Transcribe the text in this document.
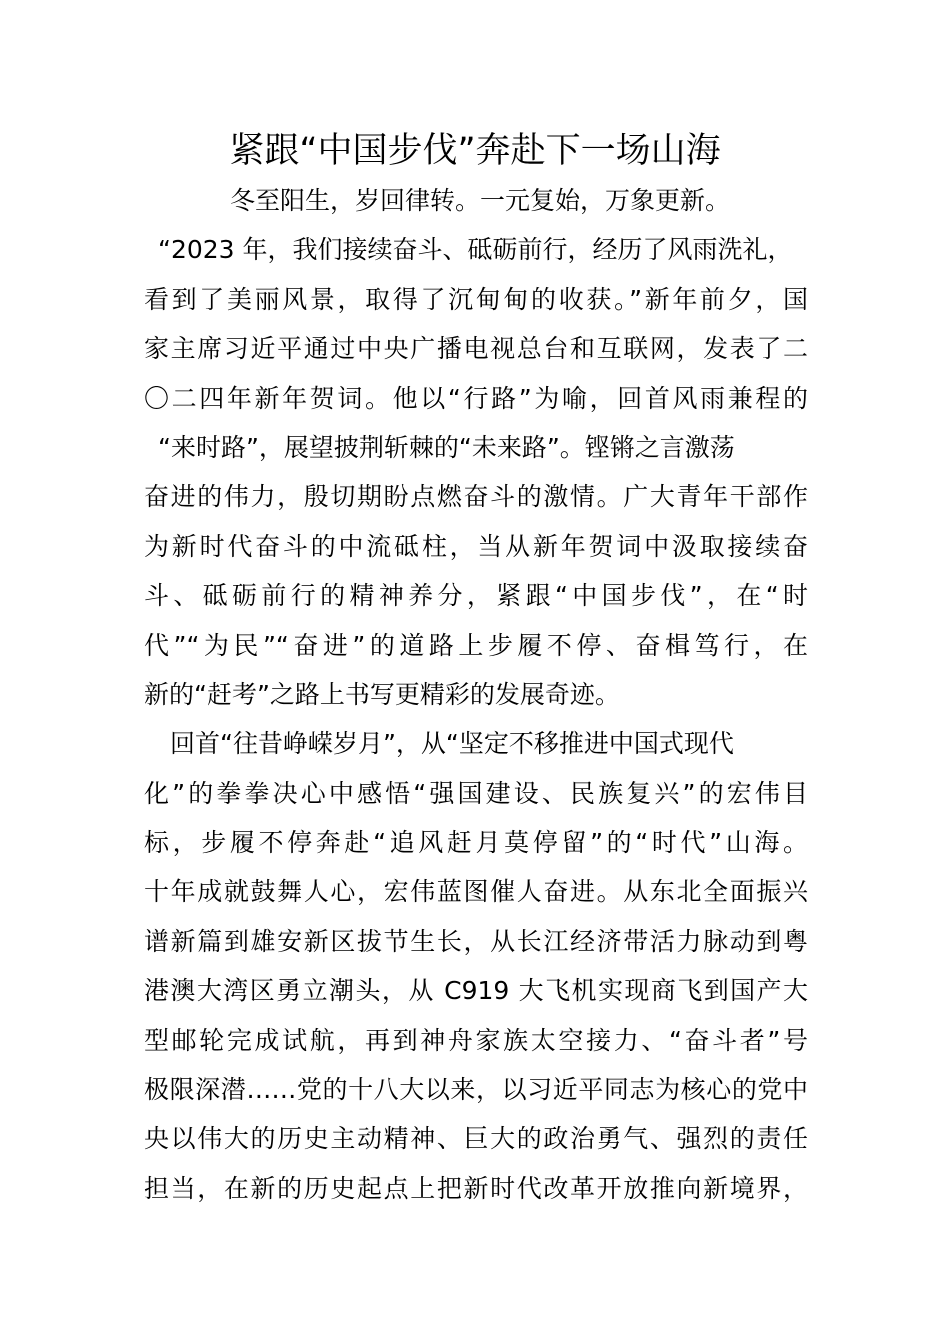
紧跟“中国步伐”奔赴下一场山海
冬至阳生，岁回律转。一元复始，万象更新。
“2023 年，我们接续奋斗、砥砺前行，经历了风雨洗礼，
看到了美丽风景，取得了沉甸甸的收获。”新年前夕，国
家主席习近平通过中央广播电视总台和互联网，发表了二
〇二四年新年贺词。他以“行路”为喻，回首风雨兼程的
“来时路”，展望披荆斩棘的“未来路”。铿锵之言激荡
奋进的伟力，殷切期盼点燃奋斗的激情。广大青年干部作
为新时代奋斗的中流砥柱，当从新年贺词中汲取接续奋
斗、砥砺前行的精神养分，紧跟“中国步伐”，在“时
代”“为民”“奋进”的道路上步履不停、奋楫笃行，在
新的“赶考”之路上书写更精彩的发展奇迹。
回首“往昔峥嵘岁月”，从“坚定不移推进中国式现代
化”的拳拳决心中感悟“强国建设、民族复兴”的宏伟目
标，步履不停奔赴“追风赶月莫停留”的“时代”山海。
十年成就鼓舞人心，宏伟蓝图催人奋进。从东北全面振兴
谱新篇到雄安新区拔节生长，从长江经济带活力脉动到粤
港澳大湾区勇立潮头，从 C919 大飞机实现商飞到国产大
型邮轮完成试航，再到神舟家族太空接力、“奋斗者”号
极限深潜……党的十八大以来，以习近平同志为核心的党中
央以伟大的历史主动精神、巨大的政治勇气、强烈的责任
担当，在新的历史起点上把新时代改革开放推向新境界，
